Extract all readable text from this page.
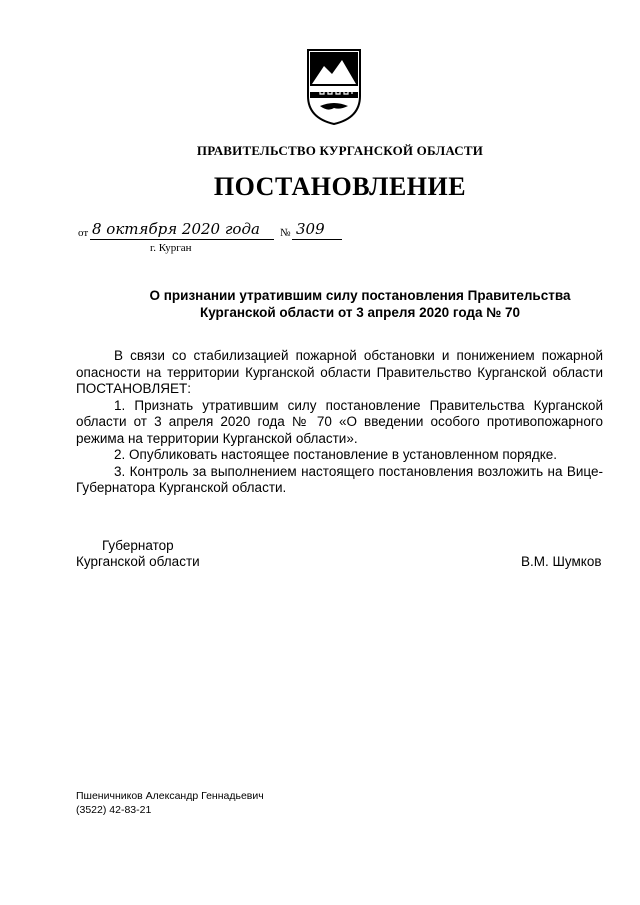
ПРАВИТЕЛЬСТВО КУРГАНСКОЙ ОБЛАСТИ
ПОСТАНОВЛЕНИЕ
от 8 октября 2020 года № 309
г. Курган
О признании утратившим силу постановления Правительства
Курганской области от 3 апреля 2020 года № 70

В связи со стабилизацией пожарной обстановки и понижением пожарной опасности на территории Курганской области Правительство Курганской области ПОСТАНОВЛЯЕТ:

1. Признать утратившим силу постановление Правительства Курганской области от 3 апреля 2020 года № 70 «О введении особого противопожарного режима на территории Курганской области».

2. Опубликовать настоящее постановление в установленном порядке.

3. Контроль за выполнением настоящего постановления возложить на Вице-Губернатора Курганской области.

Губернатор
Курганской области	В.М. Шумков
Пшеничников Александр Геннадьевич
(3522) 42-83-21
